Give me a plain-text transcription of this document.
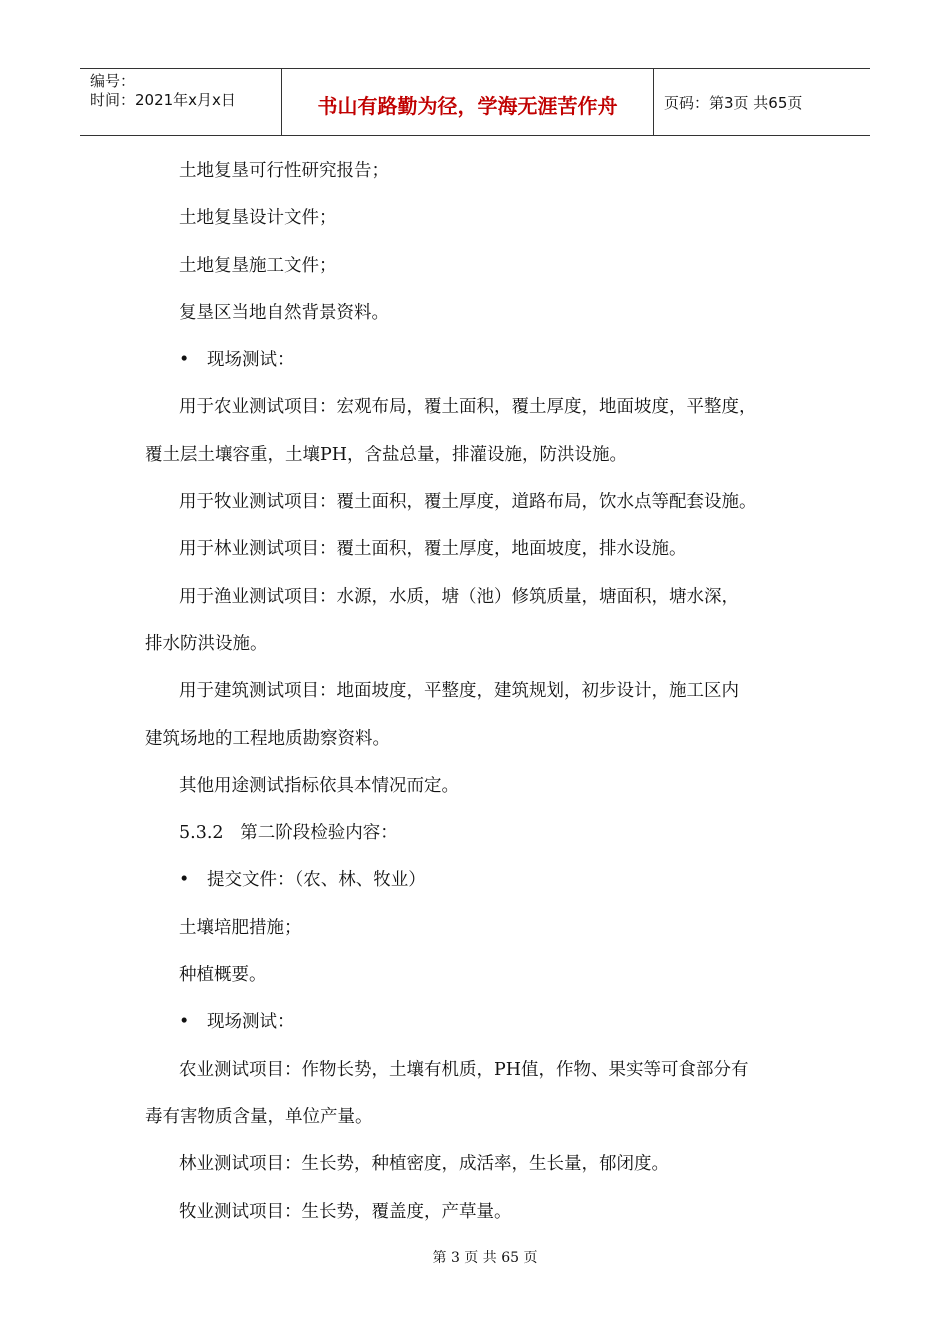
编号：
时间：2021年x月x日	书山有路勤为径，学海无涯苦作舟	页码：第3页 共65页
土地复垦可行性研究报告；
土地复垦设计文件；
土地复垦施工文件；
复垦区当地自然背景资料。
• 现场测试：
用于农业测试项目：宏观布局，覆土面积，覆土厚度，地面坡度，平整度，
覆土层土壤容重，土壤PH，含盐总量，排灌设施，防洪设施。
用于牧业测试项目：覆土面积，覆土厚度，道路布局，饮水点等配套设施。
用于林业测试项目：覆土面积，覆土厚度，地面坡度，排水设施。
用于渔业测试项目：水源，水质，塘（池）修筑质量，塘面积，塘水深，
排水防洪设施。
用于建筑测试项目：地面坡度，平整度，建筑规划，初步设计，施工区内
建筑场地的工程地质勘察资料。
其他用途测试指标依具本情况而定。
5.3.2   第二阶段检验内容：
• 提交文件：（农、林、牧业）
土壤培肥措施；
种植概要。
• 现场测试：
农业测试项目：作物长势，土壤有机质，PH值，作物、果实等可食部分有
毒有害物质含量，单位产量。
林业测试项目：生长势，种植密度，成活率，生长量，郁闭度。
牧业测试项目：生长势，覆盖度，产草量。
第 3 页 共 65 页
